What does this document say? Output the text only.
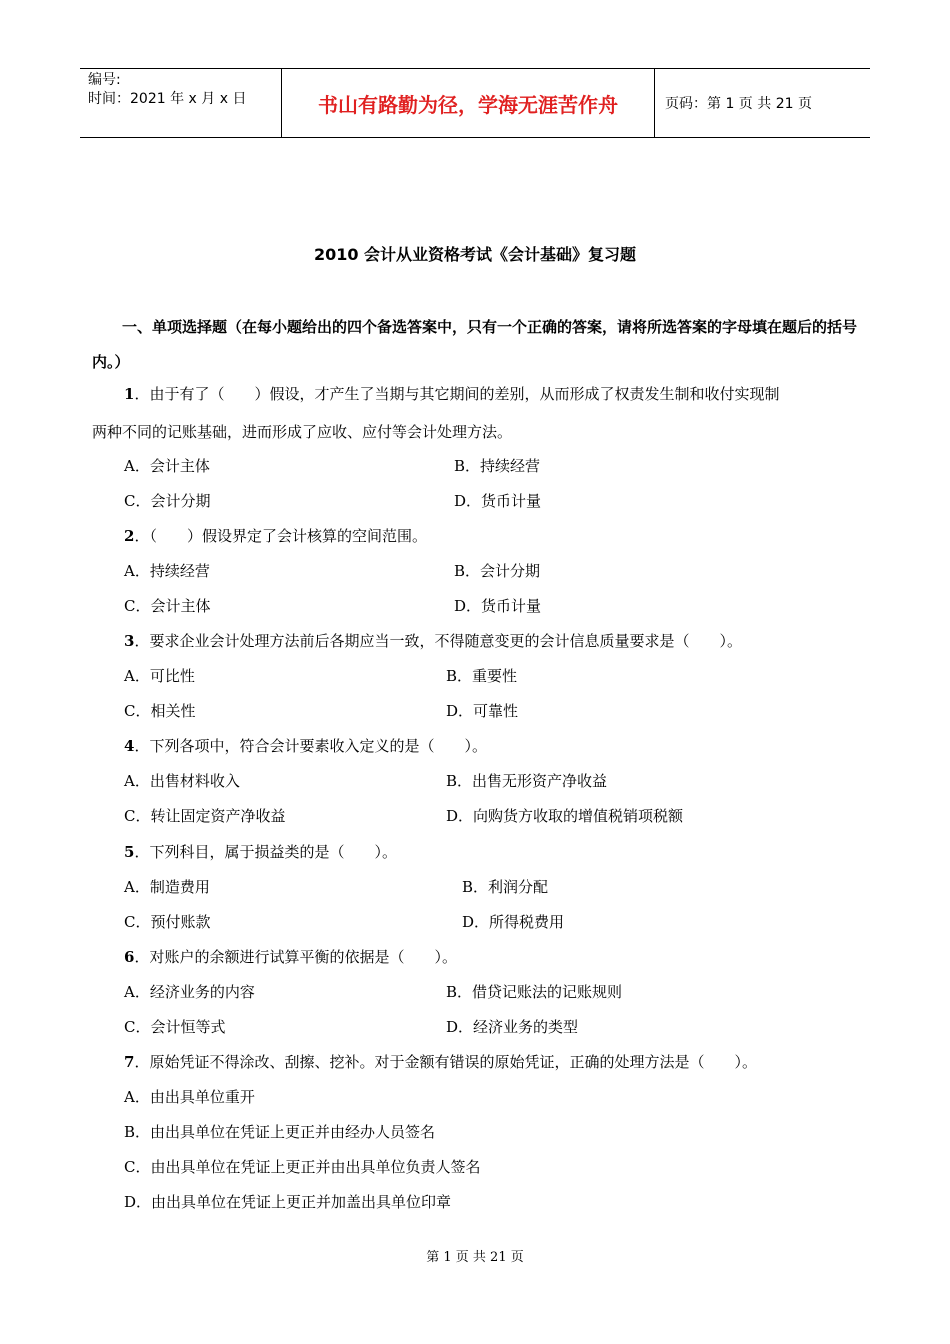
编号:
时间：2021 年 x 月 x 日	书山有路勤为径，学海无涯苦作舟	页码：第 1 页 共 21 页
2010 会计从业资格考试《会计基础》复习题
一、单项选择题（在每小题给出的四个备选答案中，只有一个正确的答案，请将所选答案的字母填在题后的括号内。）
1．由于有了（　　）假设，才产生了当期与其它期间的差别，从而形成了权责发生制和收付实现制
两种不同的记账基础，进而形成了应收、应付等会计处理方法。
A．会计主体	B．持续经营
C．会计分期	D．货币计量
2．（　　）假设界定了会计核算的空间范围。
A．持续经营	B．会计分期
C．会计主体	D．货币计量
3．要求企业会计处理方法前后各期应当一致，不得随意变更的会计信息质量要求是（　　）。
A．可比性	B．重要性
C．相关性	D．可靠性
4．下列各项中，符合会计要素收入定义的是（　　）。
A．出售材料收入	B．出售无形资产净收益
C．转让固定资产净收益	D．向购货方收取的增值税销项税额
5．下列科目，属于损益类的是（　　）。
A．制造费用	B．利润分配
C．预付账款	D．所得税费用
6．对账户的余额进行试算平衡的依据是（　　）。
A．经济业务的内容	B．借贷记账法的记账规则
C．会计恒等式	D．经济业务的类型
7．原始凭证不得涂改、刮擦、挖补。对于金额有错误的原始凭证，正确的处理方法是（　　）。
A．由出具单位重开
B．由出具单位在凭证上更正并由经办人员签名
C．由出具单位在凭证上更正并由出具单位负责人签名
D．由出具单位在凭证上更正并加盖出具单位印章
第 1 页 共 21 页
